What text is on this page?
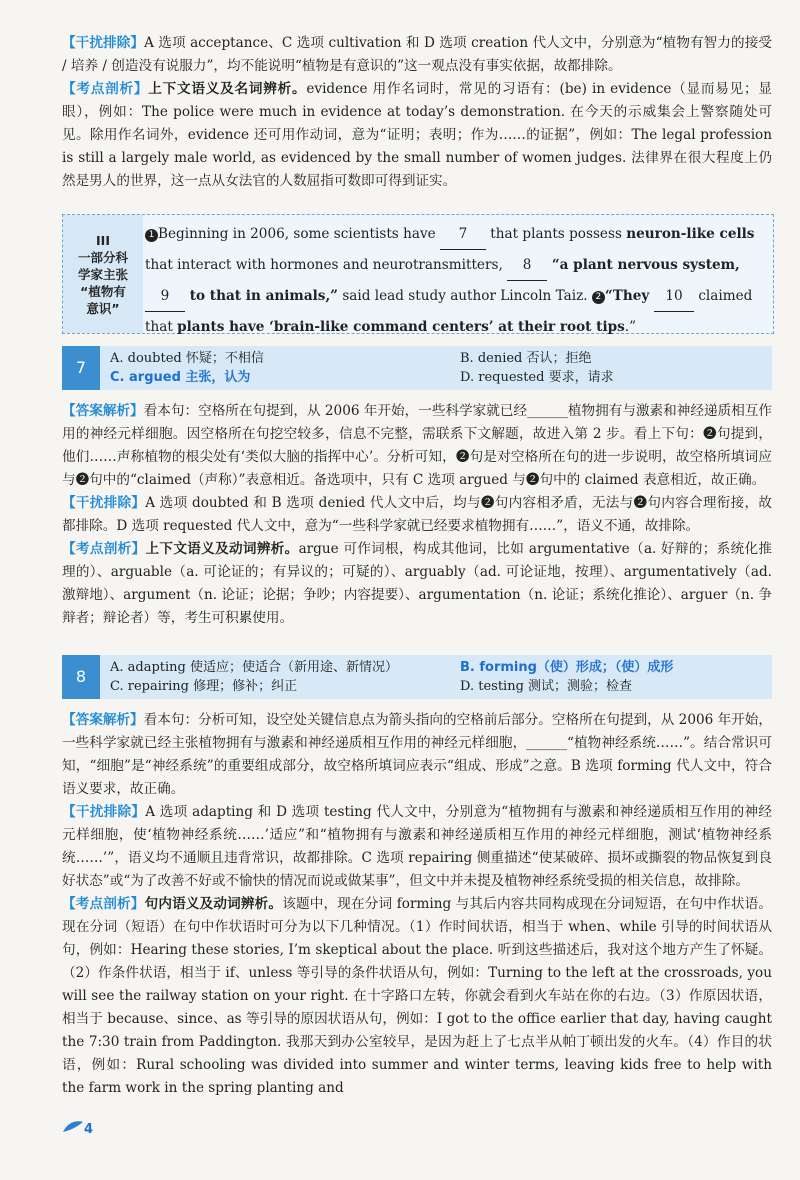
【干扰排除】A 选项 acceptance、C 选项 cultivation 和 D 选项 creation 代人文中，分别意为“植物有智力的接受 / 培养 / 创造没有说服力”，均不能说明“植物是有意识的”这一观点没有事实依据，故都排除。

【考点剖析】上下文语义及名词辨析。evidence 用作名词时，常见的习语有：(be) in evidence（显而易见；显眼），例如：The police were much in evidence at today’s demonstration. 在今天的示威集会上警察随处可见。除用作名词外，evidence 还可用作动词，意为“证明；表明；作为……的证据”，例如：The legal profession is still a largely male world, as evidenced by the small number of women judges. 法律界在很大程度上仍然是男人的世界，这一点从女法官的人数屈指可数即可得到证实。

III
一部分科
学家主张
“植物有
意识”
1 Beginning in 2006, some scientists have 7 that plants possess neuron-like cells that interact with hormones and neurotransmitters, 8 “a plant nervous system, 9 to that in animals,” said lead study author Lincoln Taiz. 2 “They 10 claimed that plants have ‘brain-like command centers’ at their root tips.”
7	A. doubted 怀疑；不相信	B. denied 否认；拒绝
C. argued 主张，认为	D. requested 要求，请求

【答案解析】看本句：空格所在句提到，从 2006 年开始，一些科学家就已经______植物拥有与激素和神经递质相互作用的神经元样细胞。因空格所在句挖空较多，信息不完整，需联系下文解题，故进入第 2 步。看上下句：❷句提到，他们……声称植物的根尖处有‘类似大脑的指挥中心’。分析可知，❷句是对空格所在句的进一步说明，故空格所填词应与❷句中的“claimed（声称）”表意相近。备选项中，只有 C 选项 argued 与❷句中的 claimed 表意相近，故正确。

【干扰排除】A 选项 doubted 和 B 选项 denied 代人文中后，均与❷句内容相矛盾，无法与❷句内容合理衔接，故都排除。D 选项 requested 代人文中，意为“一些科学家就已经要求植物拥有……”，语义不通，故排除。

【考点剖析】上下文语义及动词辨析。argue 可作词根，构成其他词，比如 argumentative（a. 好辩的；系统化推理的）、arguable（a. 可论证的；有异议的；可疑的）、arguably（ad. 可论证地，按理）、argumentatively（ad. 激辩地）、argument（n. 论证；论据；争吵；内容提要）、argumentation（n. 论证；系统化推论）、arguer（n. 争辩者；辩论者）等，考生可积累使用。

8	A. adapting 使适应；使适合（新用途、新情况）	B. forming（使）形成；（使）成形
C. repairing 修理；修补；纠正	D. testing 测试；测验；检查

【答案解析】看本句：分析可知，设空处关键信息点为箭头指向的空格前后部分。空格所在句提到，从 2006 年开始，一些科学家就已经主张植物拥有与激素和神经递质相互作用的神经元样细胞，______“植物神经系统……”。结合常识可知，“细胞”是“神经系统”的重要组成部分，故空格所填词应表示“组成、形成”之意。B 选项 forming 代人文中，符合语义要求，故正确。

【干扰排除】A 选项 adapting 和 D 选项 testing 代人文中，分别意为“植物拥有与激素和神经递质相互作用的神经元样细胞，使‘植物神经系统……’适应”和“植物拥有与激素和神经递质相互作用的神经元样细胞，测试‘植物神经系统……’”，语义均不通顺且违背常识，故都排除。C 选项 repairing 侧重描述“使某破碎、损坏或撕裂的物品恢复到良好状态”或“为了改善不好或不愉快的情况而说或做某事”，但文中并未提及植物神经系统受损的相关信息，故排除。

【考点剖析】句内语义及动词辨析。该题中，现在分词 forming 与其后内容共同构成现在分词短语，在句中作状语。现在分词（短语）在句中作状语时可分为以下几种情况。（1）作时间状语，相当于 when、while 引导的时间状语从句，例如：Hearing these stories, I’m skeptical about the place. 听到这些描述后，我对这个地方产生了怀疑。（2）作条件状语，相当于 if、unless 等引导的条件状语从句，例如：Turning to the left at the crossroads, you will see the railway station on your right. 在十字路口左转，你就会看到火车站在你的右边。（3）作原因状语，相当于 because、since、as 等引导的原因状语从句，例如：I got to the office earlier that day, having caught the 7:30 train from Paddington. 我那天到办公室较早，是因为赶上了七点半从帕丁顿出发的火车。（4）作目的状语，例如：Rural schooling was divided into summer and winter terms, leaving kids free to help with the farm work in the spring planting and

4
